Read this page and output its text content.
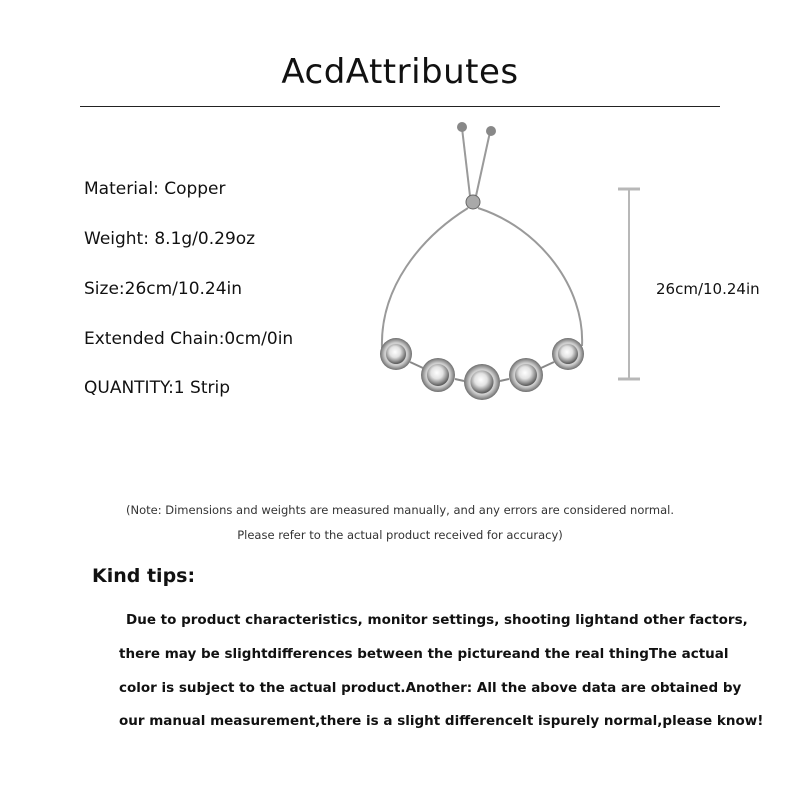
AcdAttributes
Material: Copper
Weight: 8.1g/0.29oz
Size:26cm/10.24in
Extended Chain:0cm/0in
QUANTITY:1 Strip
26cm/10.24in
(Note: Dimensions and weights are measured manually, and any errors are considered normal.
Please refer to the actual product received for accuracy)
Kind tips:
Due to product characteristics, monitor settings, shooting lightand other factors,
there may be slightdifferences between the pictureand the real thingThe actual
color is subject to the actual product.Another: All the above data are obtained by
our manual measurement,there is a slight differenceIt ispurely normal,please know!
